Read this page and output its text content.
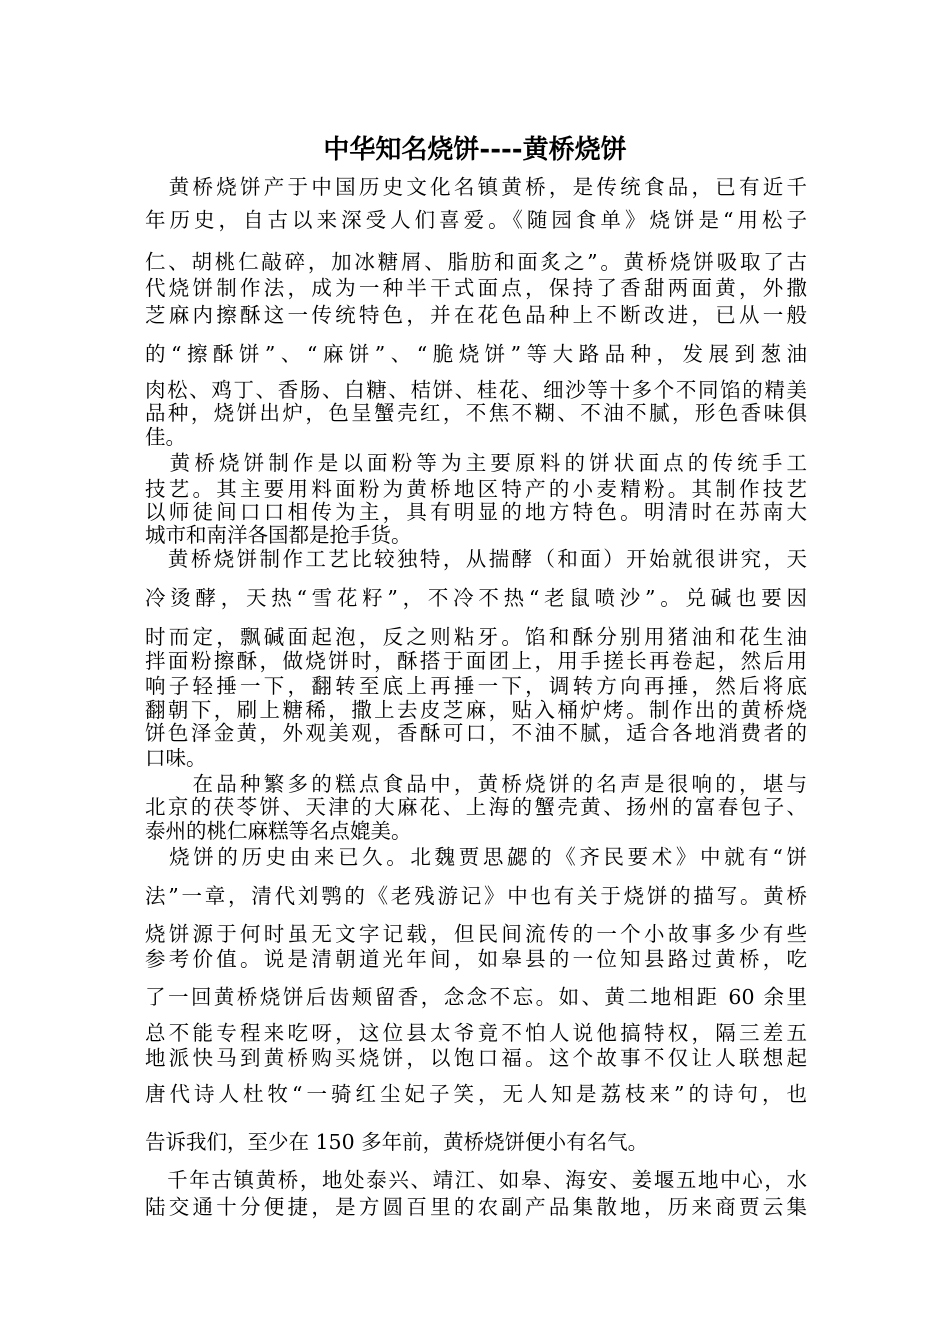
中华知名烧饼----黄桥烧饼
　黄桥烧饼产于中国历史文化名镇黄桥，是传统食品，已有近千
年历史，自古以来深受人们喜爱。《随园食单》烧饼是“用松子
仁、胡桃仁敲碎，加冰糖屑、脂肪和面炙之”。黄桥烧饼吸取了古
代烧饼制作法，成为一种半干式面点，保持了香甜两面黄，外撒
芝麻内擦酥这一传统特色，并在花色品种上不断改进，已从一般
的“擦酥饼”、“麻饼”、“脆烧饼”等大路品种，发展到葱油
肉松、鸡丁、香肠、白糖、桔饼、桂花、细沙等十多个不同馅的精美
品种，烧饼出炉，色呈蟹壳红，不焦不糊、不油不腻，形色香味俱
佳。
　黄桥烧饼制作是以面粉等为主要原料的饼状面点的传统手工
技艺。其主要用料面粉为黄桥地区特产的小麦精粉。其制作技艺
以师徒间口口相传为主，具有明显的地方特色。明清时在苏南大
城市和南洋各国都是抢手货。
　黄桥烧饼制作工艺比较独特，从揣酵（和面）开始就很讲究，天
冷烫酵，天热“雪花籽”，不冷不热“老鼠喷沙”。兑碱也要因
时而定，飘碱面起泡，反之则粘牙。馅和酥分别用猪油和花生油
拌面粉擦酥，做烧饼时，酥搭于面团上，用手搓长再卷起，然后用
响子轻捶一下，翻转至底上再捶一下，调转方向再捶，然后将底
翻朝下，刷上糖稀，撒上去皮芝麻，贴入桶炉烤。制作出的黄桥烧
饼色泽金黄，外观美观，香酥可口，不油不腻，适合各地消费者的
口味。
　　在品种繁多的糕点食品中，黄桥烧饼的名声是很响的，堪与
北京的茯苓饼、天津的大麻花、上海的蟹壳黄、扬州的富春包子、
泰州的桃仁麻糕等名点媲美。
　烧饼的历史由来已久。北魏贾思勰的《齐民要术》中就有“饼
法”一章，清代刘鹗的《老残游记》中也有关于烧饼的描写。黄桥
烧饼源于何时虽无文字记载，但民间流传的一个小故事多少有些
参考价值。说是清朝道光年间，如皋县的一位知县路过黄桥，吃
了一回黄桥烧饼后齿颊留香，念念不忘。如、黄二地相距 60 余里
总不能专程来吃呀，这位县太爷竟不怕人说他搞特权，隔三差五
地派快马到黄桥购买烧饼，以饱口福。这个故事不仅让人联想起
唐代诗人杜牧“一骑红尘妃子笑，无人知是荔枝来”的诗句，也
告诉我们，至少在 150 多年前，黄桥烧饼便小有名气。
　千年古镇黄桥，地处泰兴、靖江、如皋、海安、姜堰五地中心，水
陆交通十分便捷，是方圆百里的农副产品集散地，历来商贾云集
